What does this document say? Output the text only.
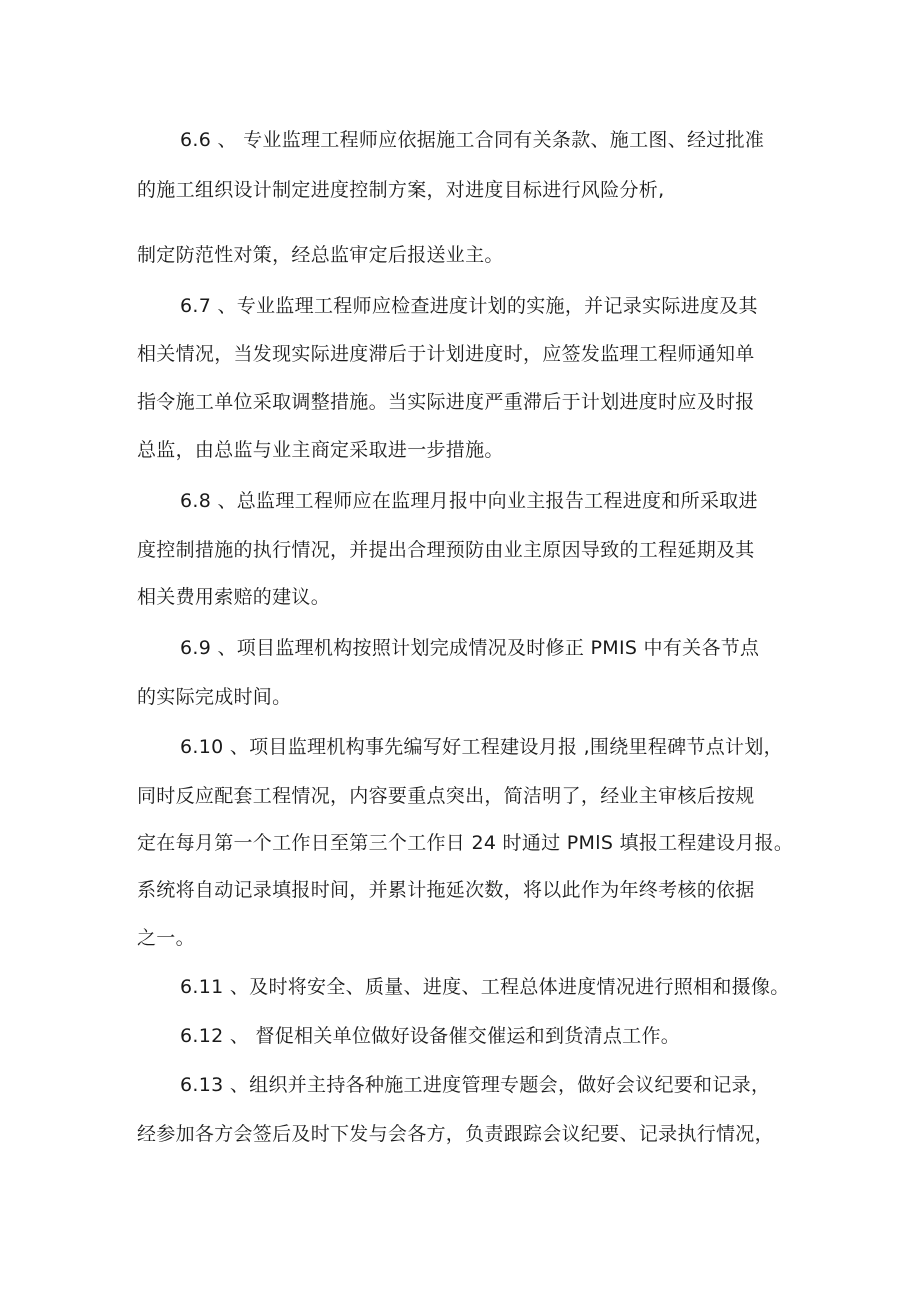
6.6 、 专业监理工程师应依据施工合同有关条款、施工图、经过批准
的施工组织设计制定进度控制方案，对进度目标进行风险分析,
制定防范性对策，经总监审定后报送业主。
6.7 、专业监理工程师应检查进度计划的实施，并记录实际进度及其
相关情况，当发现实际进度滞后于计划进度时，应签发监理工程师通知单
指令施工单位采取调整措施。当实际进度严重滞后于计划进度时应及时报
总监，由总监与业主商定采取进一步措施。
6.8 、总监理工程师应在监理月报中向业主报告工程进度和所采取进
度控制措施的执行情况，并提出合理预防由业主原因导致的工程延期及其
相关费用索赔的建议。
6.9 、项目监理机构按照计划完成情况及时修正 PMIS 中有关各节点
的实际完成时间。
6.10 、项目监理机构事先编写好工程建设月报 ,围绕里程碑节点计划，
同时反应配套工程情况，内容要重点突出，简洁明了，经业主审核后按规
定在每月第一个工作日至第三个工作日 24 时通过 PMlS 填报工程建设月报。
系统将自动记录填报时间，并累计拖延次数，将以此作为年终考核的依据
之一。
6.11 、及时将安全、质量、进度、工程总体进度情况进行照相和摄像。
6.12 、 督促相关单位做好设备催交催运和到货清点工作。
6.13 、组织并主持各种施工进度管理专题会，做好会议纪要和记录，
经参加各方会签后及时下发与会各方，负责跟踪会议纪要、记录执行情况，
